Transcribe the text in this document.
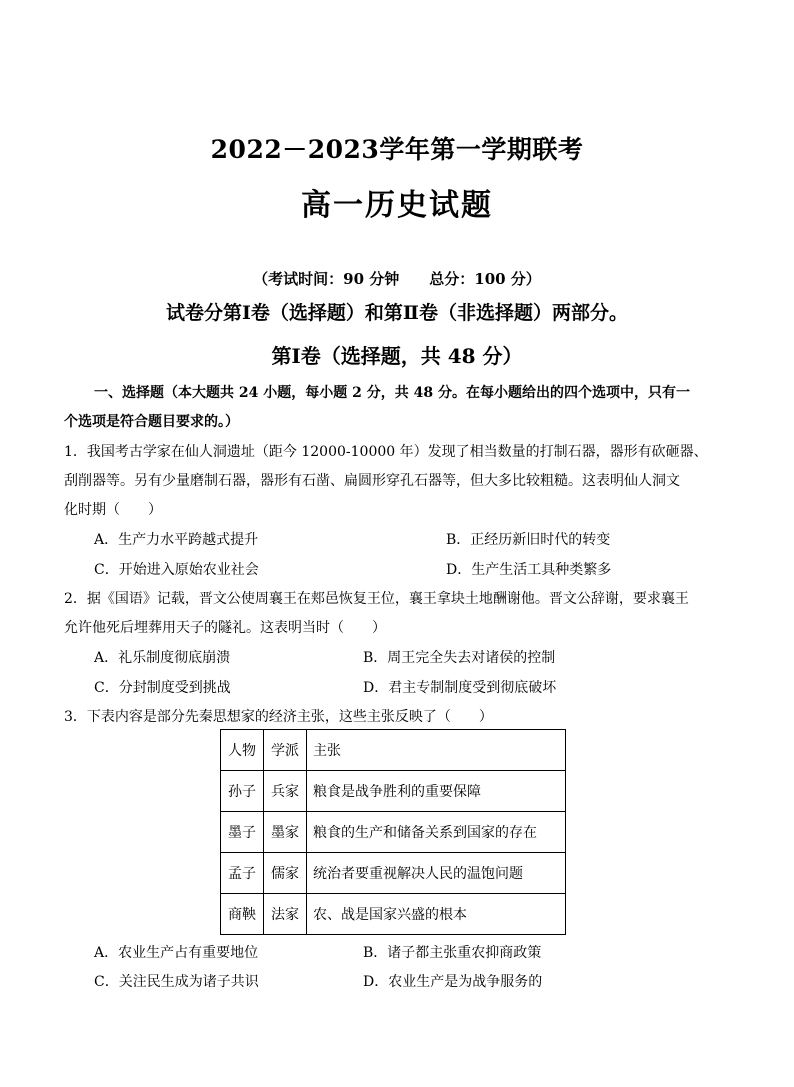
2022－2023学年第一学期联考
高一历史试题
（考试时间：90 分钟　　总分：100 分）
试卷分第Ⅰ卷（选择题）和第Ⅱ卷（非选择题）两部分。
第Ⅰ卷（选择题，共 48 分）
一、选择题（本大题共 24 小题，每小题 2 分，共 48 分。在每小题给出的四个选项中，只有一
个选项是符合题目要求的。）
1．我国考古学家在仙人洞遗址（距今 12000-10000 年）发现了相当数量的打制石器，器形有砍砸器、
刮削器等。另有少量磨制石器，器形有石凿、扁圆形穿孔石器等，但大多比较粗糙。这表明仙人洞文
化时期（　　）
A．生产力水平跨越式提升	B．正经历新旧时代的转变
C．开始进入原始农业社会	D．生产生活工具种类繁多
2．据《国语》记载，晋文公使周襄王在郏邑恢复王位，襄王拿块土地酬谢他。晋文公辞谢，要求襄王
允许他死后埋葬用天子的隧礼。这表明当时（　　）
A．礼乐制度彻底崩溃	B．周王完全失去对诸侯的控制
C．分封制度受到挑战	D．君主专制制度受到彻底破坏
3．下表内容是部分先秦思想家的经济主张，这些主张反映了（　　）
人物	学派	主张
孙子	兵家	粮食是战争胜利的重要保障
墨子	墨家	粮食的生产和储备关系到国家的存在
孟子	儒家	统治者要重视解决人民的温饱问题
商鞅	法家	农、战是国家兴盛的根本
A．农业生产占有重要地位	B．诸子都主张重农抑商政策
C．关注民生成为诸子共识	D．农业生产是为战争服务的
